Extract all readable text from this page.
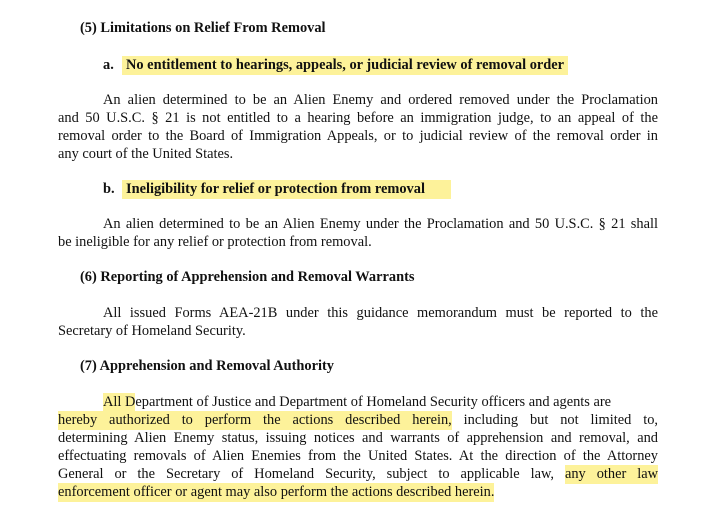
(5) Limitations on Relief From Removal
a. No entitlement to hearings, appeals, or judicial review of removal order
An alien determined to be an Alien Enemy and ordered removed under the Proclamation
and 50 U.S.C. § 21 is not entitled to a hearing before an immigration judge, to an appeal of the
removal order to the Board of Immigration Appeals, or to judicial review of the removal order in
any court of the United States.
b. Ineligibility for relief or protection from removal
An alien determined to be an Alien Enemy under the Proclamation and 50 U.S.C. § 21 shall
be ineligible for any relief or protection from removal.
(6) Reporting of Apprehension and Removal Warrants
All issued Forms AEA-21B under this guidance memorandum must be reported to the
Secretary of Homeland Security.
(7) Apprehension and Removal Authority
All Department of Justice and Department of Homeland Security officers and agents are
hereby authorized to perform the actions described herein, including but not limited to,
determining Alien Enemy status, issuing notices and warrants of apprehension and removal, and
effectuating removals of Alien Enemies from the United States. At the direction of the Attorney
General or the Secretary of Homeland Security, subject to applicable law, any other law
enforcement officer or agent may also perform the actions described herein.
